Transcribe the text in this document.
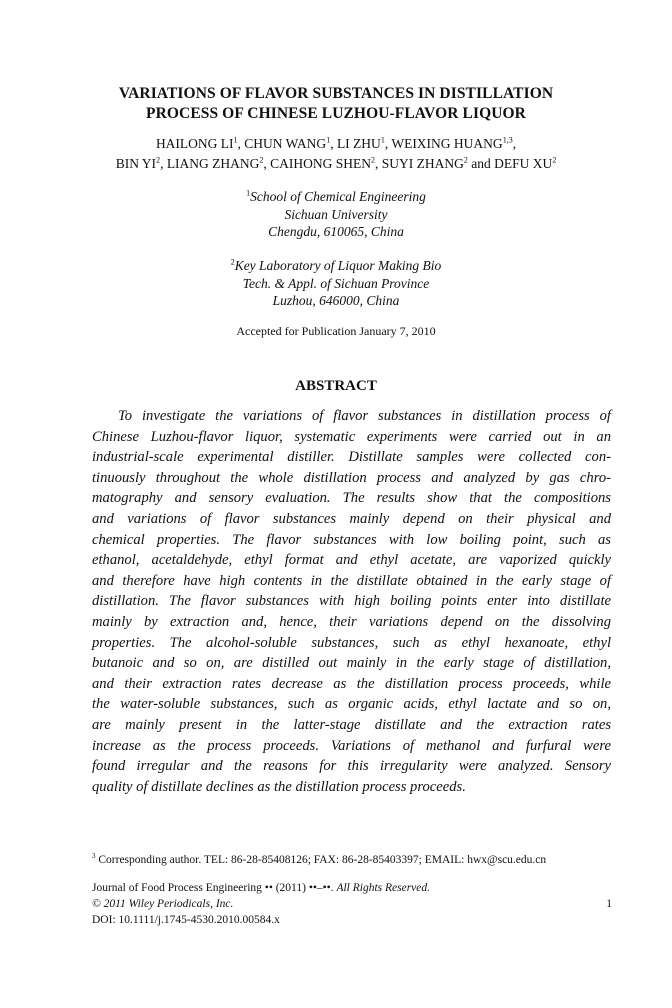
VARIATIONS OF FLAVOR SUBSTANCES IN DISTILLATION
PROCESS OF CHINESE LUZHOU-FLAVOR LIQUOR
HAILONG $LI^1$, CHUN WANG$^1$, LI ZHU$^1$, WEIXING HUANG$^{1,3}$,
BIN $YI^2$, LIANG ZHANG$^2$, CAIHONG SHEN$^2$, SUYI ZHANG$^2$ and DEFU $XU^2$
$^1$School of Chemical Engineering
Sichuan University
Chengdu, 610065, China
$^2$Key Laboratory of Liquor Making Bio
Tech. & Appl. of Sichuan Province
Luzhou, 646000, China
Accepted for Publication January 7, 2010
ABSTRACT
To investigate the variations of flavor substances in distillation process of
Chinese Luzhou-flavor liquor, systematic experiments were carried out in an
industrial-scale experimental distiller. Distillate samples were collected con-
tinuously throughout the whole distillation process and analyzed by gas chro-
matography and sensory evaluation. The results show that the compositions
and variations of flavor substances mainly depend on their physical and
chemical properties. The flavor substances with low boiling point, such as
ethanol, acetaldehyde, ethyl format and ethyl acetate, are vaporized quickly
and therefore have high contents in the distillate obtained in the early stage of
distillation. The flavor substances with high boiling points enter into distillate
mainly by extraction and, hence, their variations depend on the dissolving
properties. The alcohol-soluble substances, such as ethyl hexanoate, ethyl
butanoic and so on, are distilled out mainly in the early stage of distillation,
and their extraction rates decrease as the distillation process proceeds, while
the water-soluble substances, such as organic acids, ethyl lactate and so on,
are mainly present in the latter-stage distillate and the extraction rates
increase as the process proceeds. Variations of methanol and furfural were
found irregular and the reasons for this irregularity were analyzed. Sensory
quality of distillate declines as the distillation process proceeds.
$^3$ Corresponding author. TEL: 86-28-85408126; FAX: 86-28-85403397; EMAIL: hwx@scu.edu.cn
Journal of Food Process Engineering •• (2011) ••–••. All Rights Reserved.
© 2011 Wiley Periodicals, Inc.	1
DOI: 10.1111/j.1745-4530.2010.00584.x
